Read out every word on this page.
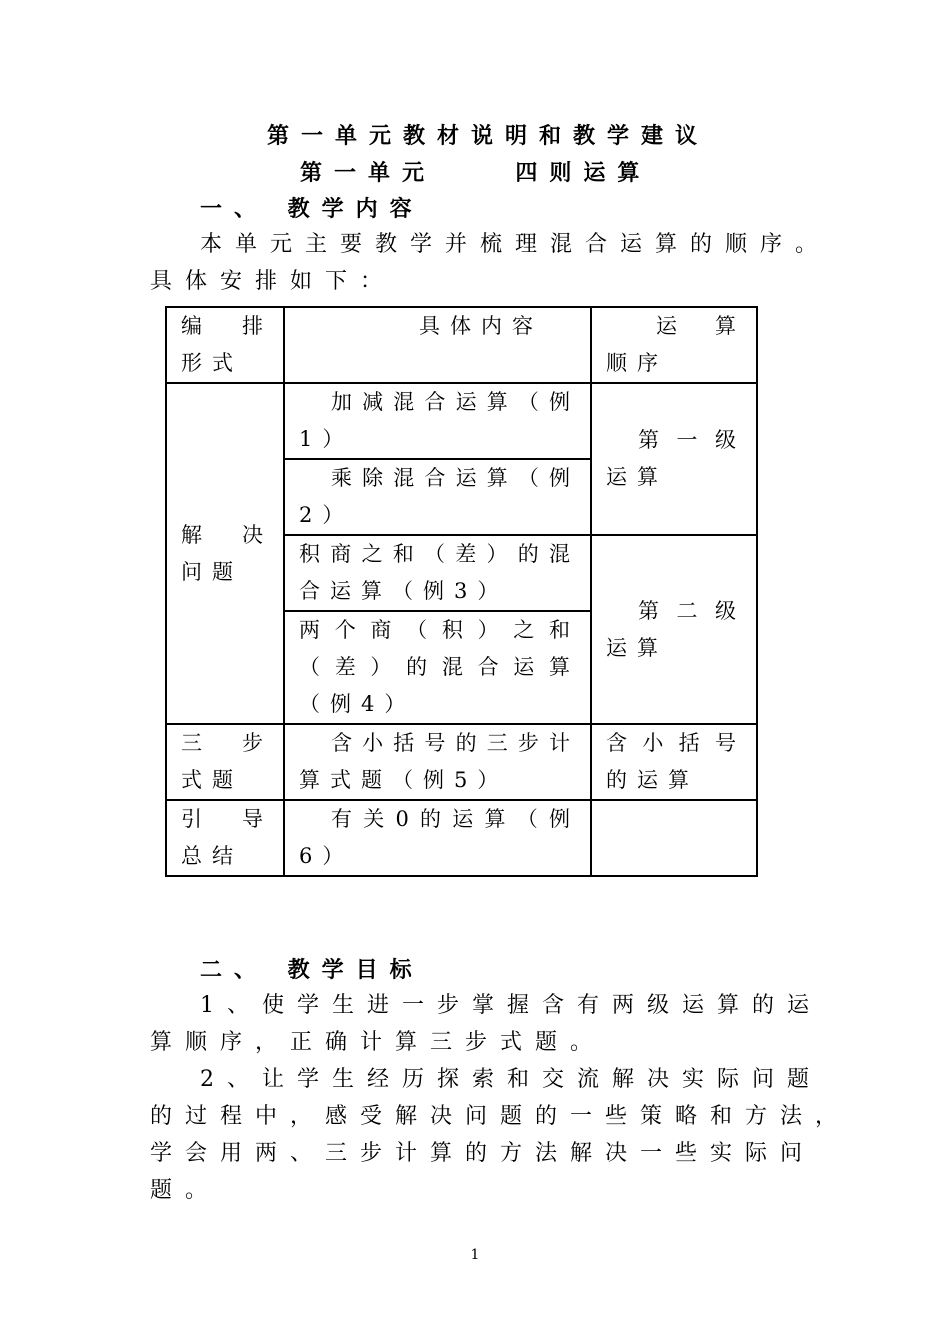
第一单元教材说明和教学建议
第一单元	四则运算
一、 教学内容
本单元主要教学并梳理混合运算的顺序。
具体安排如下：
编排形式	具体内容	运算顺序

解决问题	加减混合运算（例1）	第一级运算

	乘除混合运算（例2）	

	积商之和（差）的混合运算（例3）	第二级运算

	两个商（积）之和（差）的混合运算（例4）	

三步式题	含小括号的三步计算式题（例5）	含小括号的运算

引导总结	有关0的运算（例6）	

二、 教学目标
1、使学生进一步掌握含有两级运算的运
算顺序，正确计算三步式题。
2、让学生经历探索和交流解决实际问题
的过程中，感受解决问题的一些策略和方法，
学会用两、三步计算的方法解决一些实际问
题。
1
